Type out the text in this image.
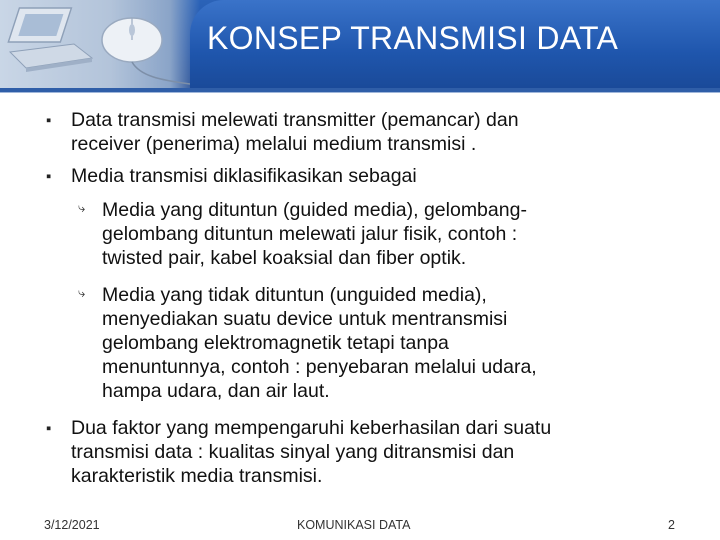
KONSEP TRANSMISI DATA
▪ Data transmisi melewati transmitter (pemancar) dan
receiver (penerima) melalui medium transmisi .
▪ Media transmisi diklasifikasikan sebagai
⤷ Media yang dituntun (guided media), gelombang-
gelombang dituntun melewati jalur fisik, contoh :
twisted pair, kabel koaksial dan fiber optik.
⤷ Media yang tidak dituntun (unguided media),
menyediakan suatu device untuk mentransmisi
gelombang elektromagnetik tetapi tanpa
menuntunnya, contoh : penyebaran melalui udara,
hampa udara, dan air laut.
▪ Dua faktor yang mempengaruhi keberhasilan dari suatu
transmisi data : kualitas sinyal yang ditransmisi dan
karakteristik media transmisi.
3/12/2021	KOMUNIKASI DATA	2
